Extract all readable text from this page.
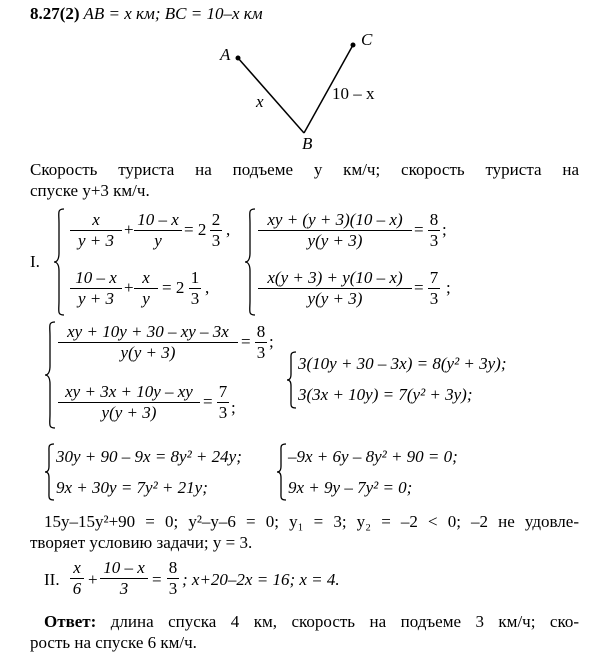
8.27(2) AB = x км; BC = 10–x км
A
B
C
x	10 – x
Скорость туриста на подъеме y км/ч; скорость туриста на
спуске y+3 км/ч.
I.
x
y + 3
+
10 – x
y
= 2
2
3
,
10 – x
y + 3
+
x
y
= 2
1
3
,
xy + (y + 3)(10 – x)
y(y + 3)
=
8
3
;
x(y + 3) + y(10 – x)
y(y + 3)
=
7
3
;
xy + 10y + 30 – xy – 3x
y(y + 3)
=
8
3
;
xy + 3x + 10y – xy
y(y + 3)
=
7
3 ;
3(10y + 30 – 3x) = 8(y² + 3y);
3(3x + 10y) = 7(y² + 3y);
30y + 90 – 9x = 8y² + 24y;
9x + 30y = 7y² + 21y;
–9x + 6y – 8y² + 90 = 0;
9x + 9y – 7y² = 0;
15y–15y²+90 = 0; y²–y–6 = 0; y₁ = 3; y₂ = –2 < 0; –2 не удовле-
творяет условию задачи; y = 3.
II.
x
6 +
10 – x
3	=
8
3 ; x+20–2x = 16; x = 4.
Ответ: длина спуска 4 км, скорость на подъеме 3 км/ч; ско-
рость на спуске 6 км/ч.
